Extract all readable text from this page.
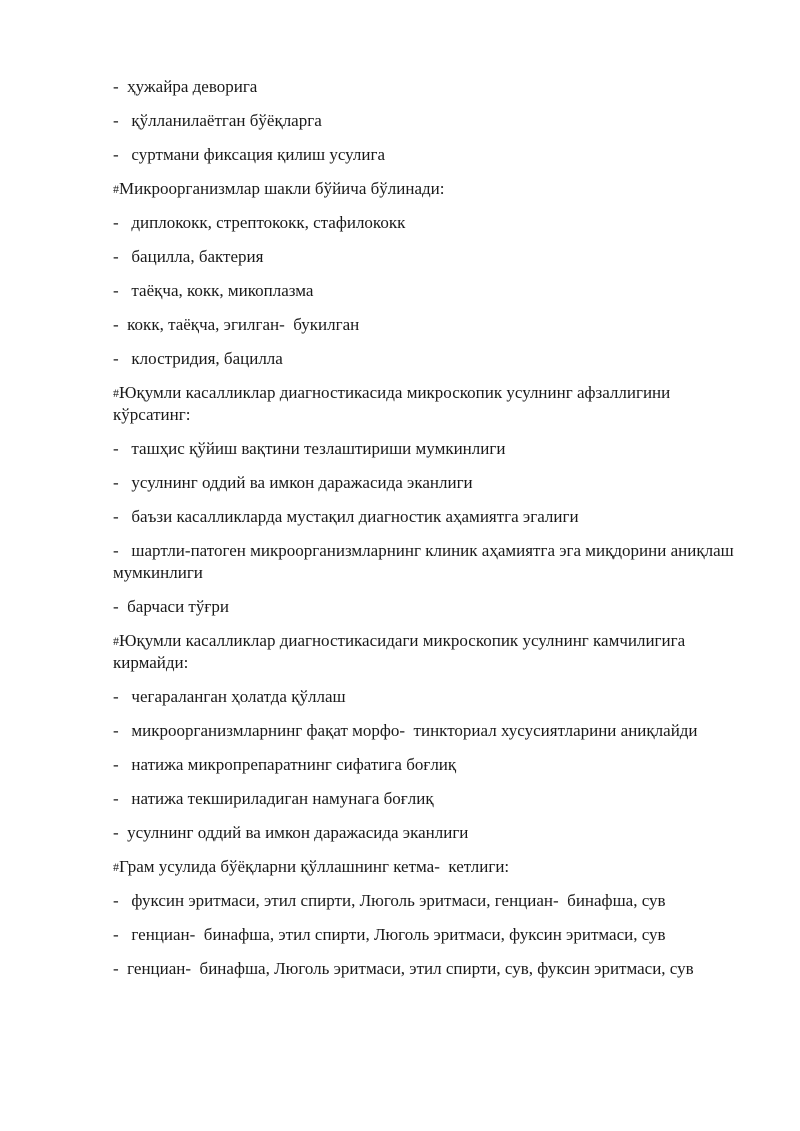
-  ҳужайра деворига

-   қўлланилаётган бўёқларга

-   суртмани фиксация қилиш усулига

#Микроорганизмлар шакли бўйича бўлинади:

-   диплококк, стрептококк, стафилококк

-   бацилла, бактерия

-   таёқча, кокк, микоплазма

-  кокк, таёқча, эгилган-  букилган

-   клостридия, бацилла

#Юқумли касалликлар диагностикасида микроскопик усулнинг афзаллигини кўрсатинг:

-   ташҳис қўйиш вақтини тезлаштириши мумкинлиги

-   усулнинг оддий ва имкон даражасида эканлиги

-   баъзи касалликларда мустақил диагностик аҳамиятга эгалиги

-   шартли-патоген микроорганизмларнинг клиник аҳамиятга эга миқдорини аниқлаш мумкинлиги

-  барчаси тўғри

#Юқумли касалликлар диагностикасидаги микроскопик усулнинг камчилигига кирмайди:

-   чегараланган ҳолатда қўллаш

-   микроорганизмларнинг фақат морфо-  тинкториал хусусиятларини аниқлайди

-   натижа микропрепаратнинг сифатига боғлиқ

-   натижа текшириладиган намунага боғлиқ

-  усулнинг оддий ва имкон даражасида эканлиги

#Грам усулида бўёқларни қўллашнинг кетма-  кетлиги:

-   фуксин эритмаси, этил спирти, Люголь эритмаси, генциан-  бинафша, сув

-   генциан-  бинафша, этил спирти, Люголь эритмаси, фуксин эритмаси, сув

-  генциан-  бинафша, Люголь эритмаси, этил спирти, сув, фуксин эритмаси, сув
